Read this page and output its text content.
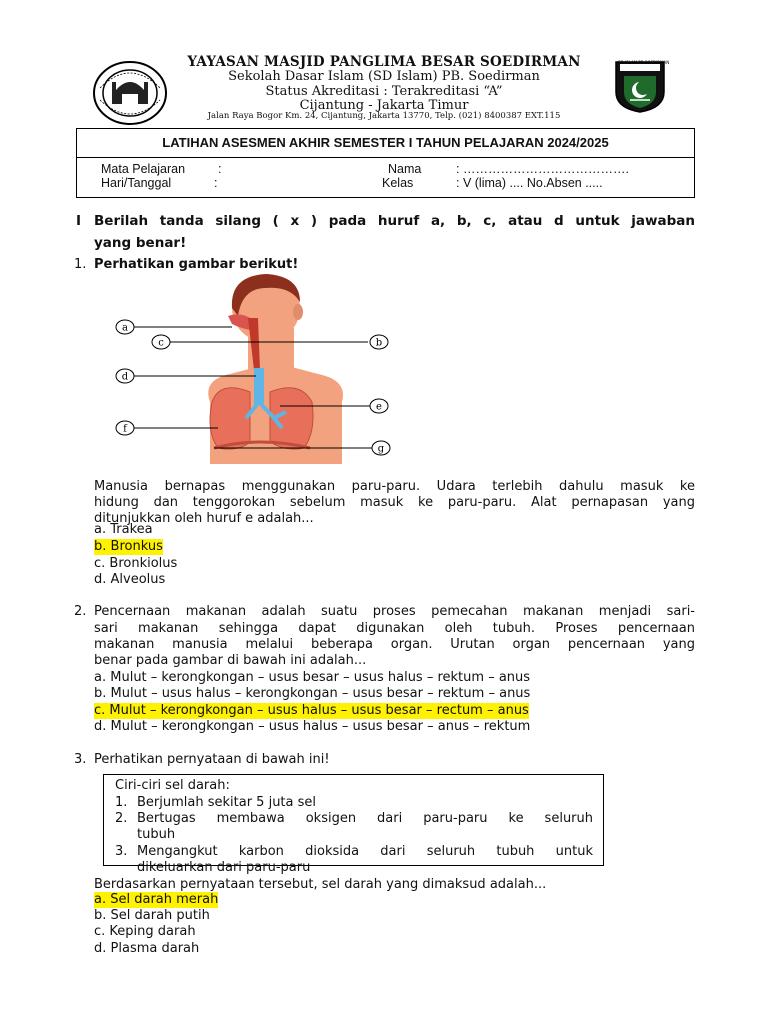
SD ISLAM PB SOEDIRMAN
YAYASAN MASJID PANGLIMA BESAR SOEDIRMAN
Sekolah Dasar Islam (SD Islam) PB. Soedirman
Status Akreditasi : Terakreditasi “A”
Cijantung - Jakarta Timur
Jalan Raya Bogor Km. 24, Cijantung, Jakarta 13770, Telp. (021) 8400387 EXT.115
LATIHAN ASESMEN AKHIR SEMESTER I TAHUN PELAJARAN 2024/2025
Mata Pelajaran	:
Hari/Tanggal	:
Nama	: ………………………………….
Kelas	: V (lima) .... No.Absen .....
I Berilah tanda silang ( x ) pada huruf a, b, c, atau d untuk jawaban
yang benar!
1. Perhatikan gambar berikut!
a
b
c
d
e
f
g
Manusia bernapas menggunakan paru-paru. Udara terlebih dahulu masuk ke
hidung dan tenggorokan sebelum masuk ke paru-paru. Alat pernapasan yang
ditunjukkan oleh huruf e adalah...
a. Trakea
b. Bronkus
c. Bronkiolus
d. Alveolus
2. Pencernaan makanan adalah suatu proses pemecahan makanan menjadi sari-
sari makanan sehingga dapat digunakan oleh tubuh. Proses pencernaan
makanan manusia melalui beberapa organ. Urutan organ pencernaan yang
benar pada gambar di bawah ini adalah...
a. Mulut – kerongkongan – usus besar – usus halus – rektum – anus
b. Mulut – usus halus – kerongkongan – usus besar – rektum – anus
c. Mulut – kerongkongan – usus halus – usus besar – rectum – anus
d. Mulut – kerongkongan – usus halus – usus besar – anus – rektum
3. Perhatikan pernyataan di bawah ini!
Ciri-ciri sel darah:
1. Berjumlah sekitar 5 juta sel
2. Bertugas membawa oksigen dari paru-paru ke seluruh
tubuh
3. Mengangkut karbon dioksida dari seluruh tubuh untuk
dikeluarkan dari paru-paru
Berdasarkan pernyataan tersebut, sel darah yang dimaksud adalah...
a. Sel darah merah
b. Sel darah putih
c. Keping darah
d. Plasma darah
